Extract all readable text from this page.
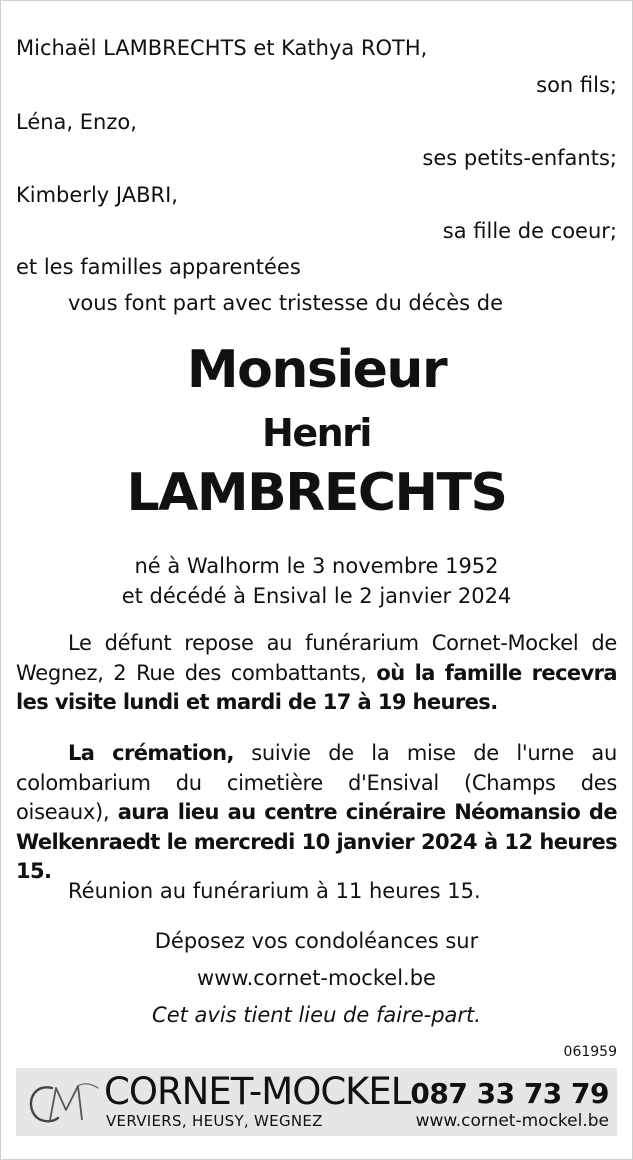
Michaël LAMBRECHTS et Kathya ROTH,
son fils;
Léna, Enzo,
ses petits-enfants;
Kimberly JABRI,
sa fille de coeur;
et les familles apparentées
vous font part avec tristesse du décès de
Monsieur
Henri
LAMBRECHTS
né à Walhorm le 3 novembre 1952
et décédé à Ensival le 2 janvier 2024
Le défunt repose au funérarium Cornet-Mockel de Wegnez, 2 Rue des combattants, où la famille recevra les visite lundi et mardi de 17 à 19 heures.
La crémation, suivie de la mise de l'urne au colombarium du cimetière d'Ensival (Champs des oiseaux), aura lieu au centre cinéraire Néomansio de Welkenraedt le mercredi 10 janvier 2024 à 12 heures 15.
Réunion au funérarium à 11 heures 15.
Déposez vos condoléances sur
www.cornet-mockel.be
Cet avis tient lieu de faire-part.
061959
CORNET-MOCKEL
VERVIERS, HEUSY, WEGNEZ
087 33 73 79
www.cornet-mockel.be
